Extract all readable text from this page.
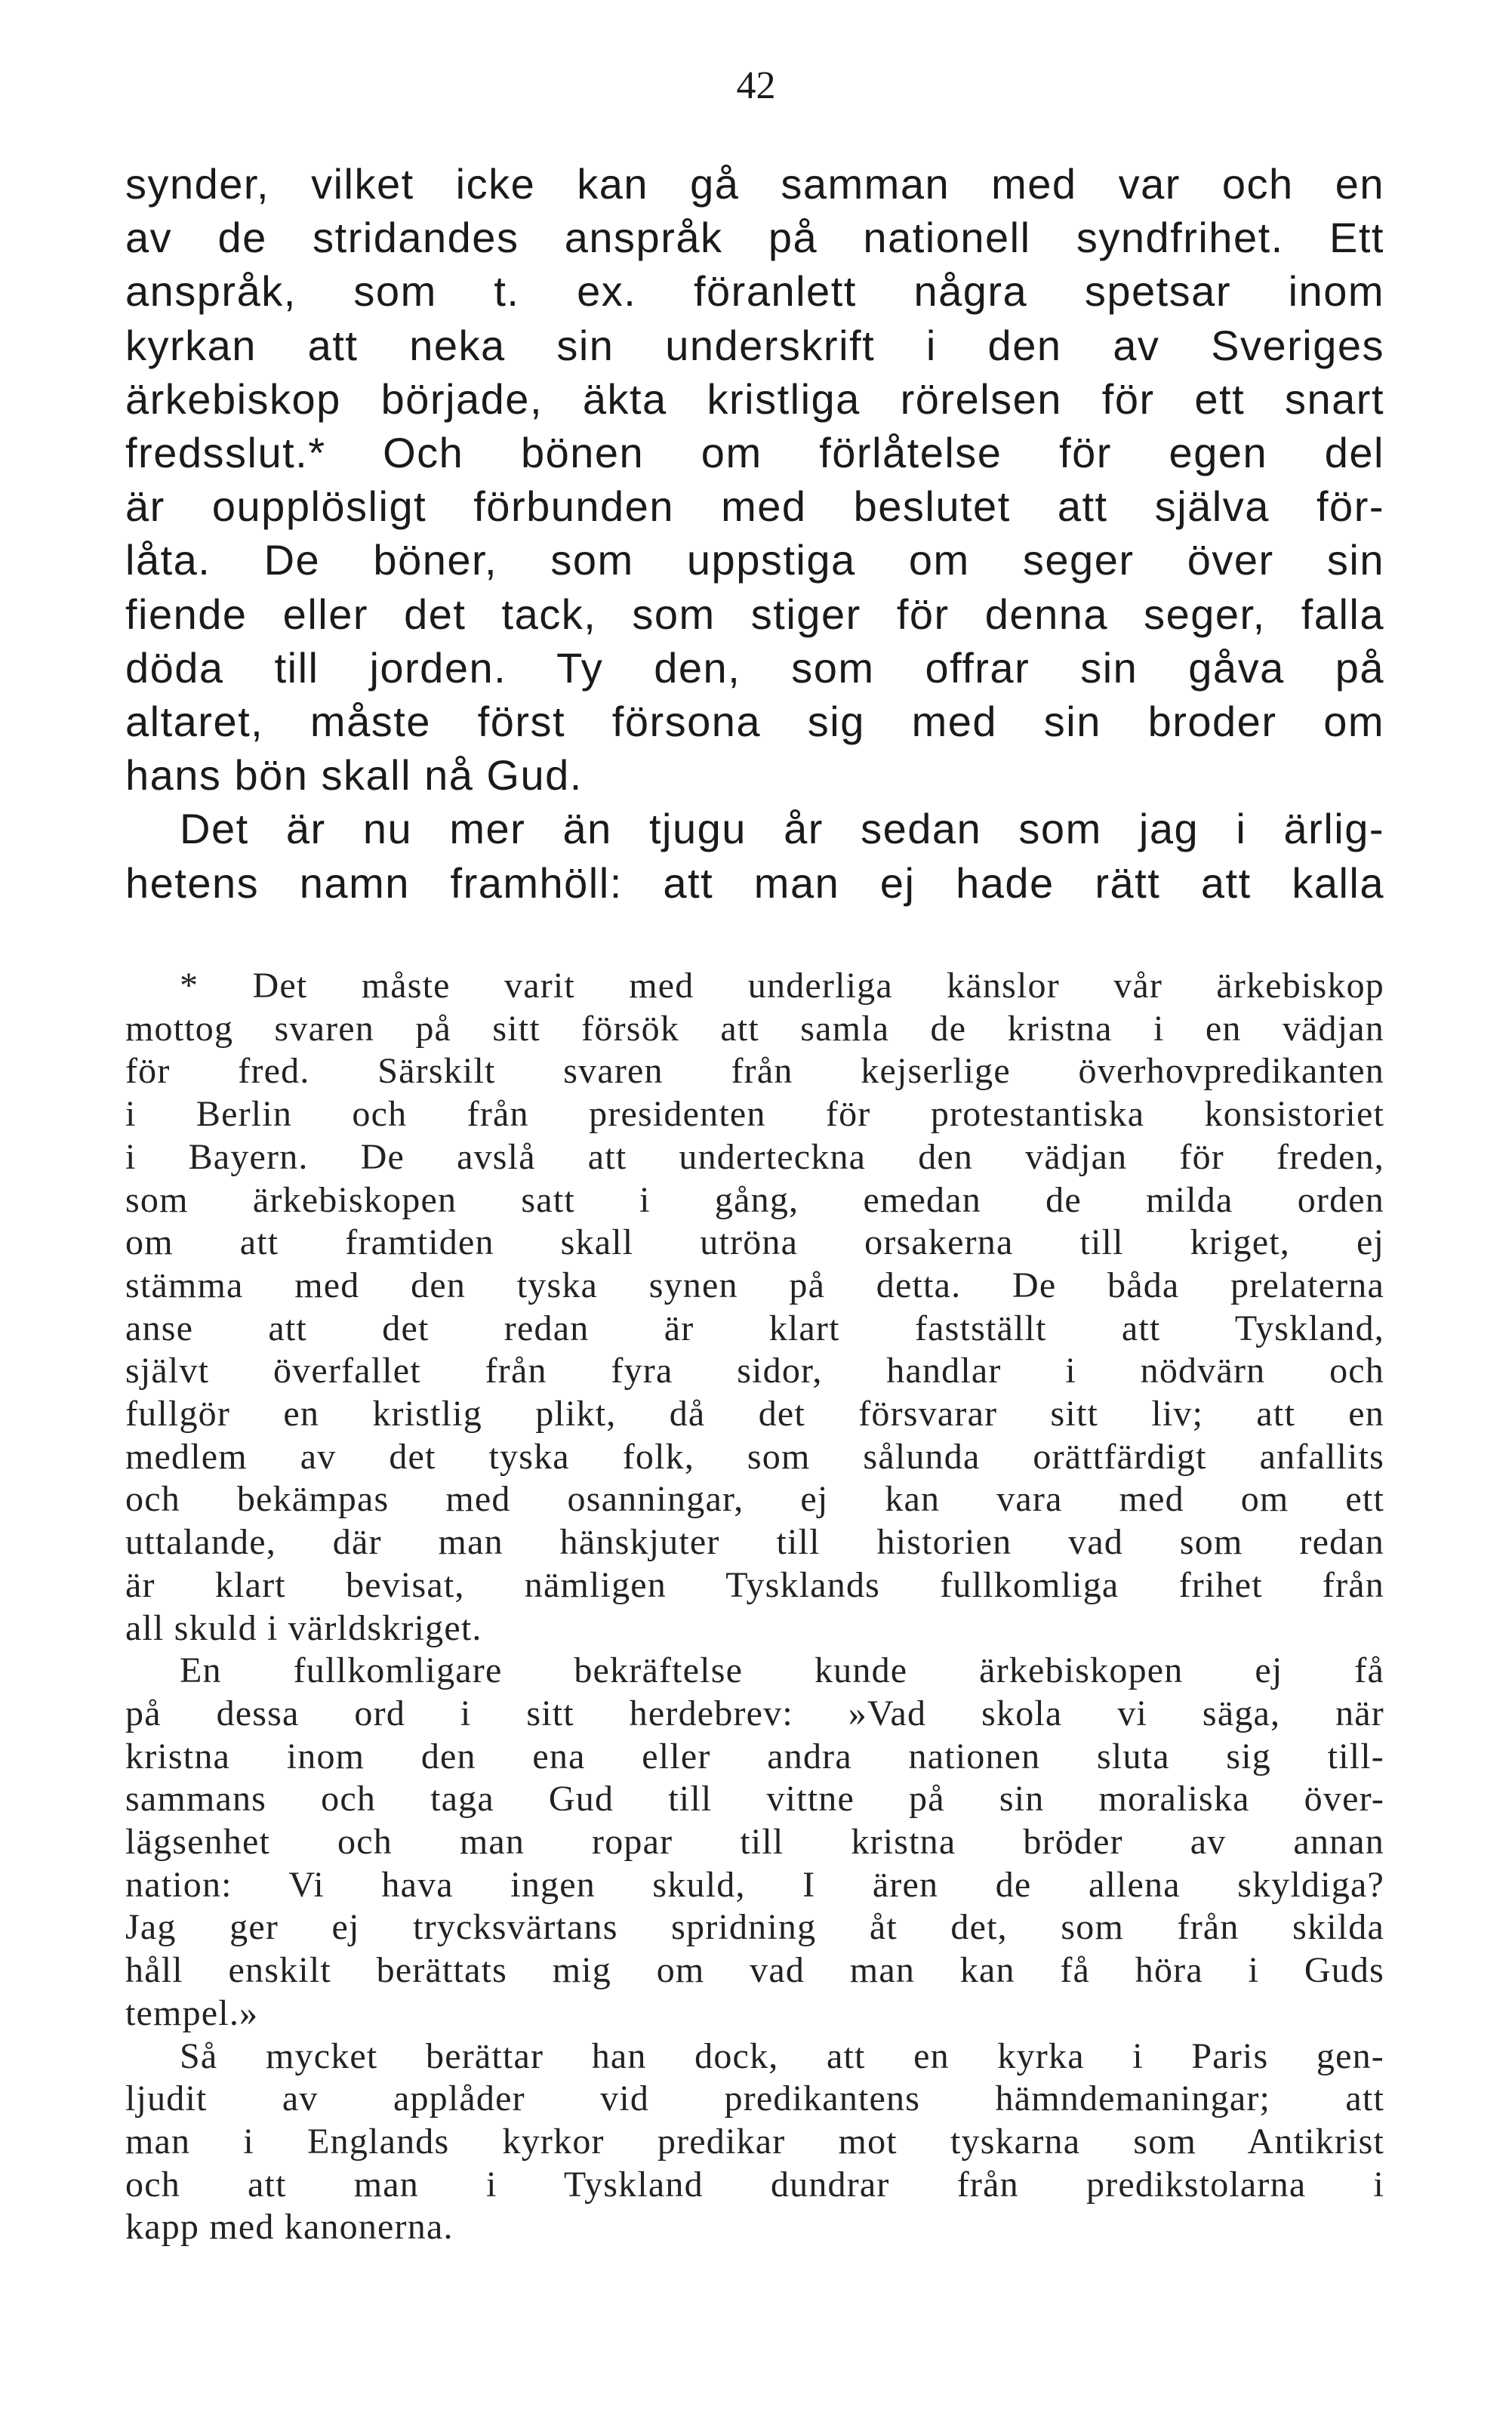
42
synder, vilket icke kan gå samman med var och en
av de stridandes anspråk på nationell syndfrihet. Ett
anspråk, som t. ex. föranlett några spetsar inom
kyrkan att neka sin underskrift i den av Sveriges
ärkebiskop började, äkta kristliga rörelsen för ett snart
fredsslut.* Och bönen om förlåtelse för egen del
är oupplösligt förbunden med beslutet att själva för-
låta. De böner, som uppstiga om seger över sin
fiende eller det tack, som stiger för denna seger, falla
döda till jorden. Ty den, som offrar sin gåva på
altaret, måste först försona sig med sin broder om
hans bön skall nå Gud.
Det är nu mer än tjugu år sedan som jag i ärlig-
hetens namn framhöll: att man ej hade rätt att kalla
* Det måste varit med underliga känslor vår ärkebiskop
mottog svaren på sitt försök att samla de kristna i en vädjan
för fred. Särskilt svaren från kejserlige överhovpredikanten
i Berlin och från presidenten för protestantiska konsistoriet
i Bayern. De avslå att underteckna den vädjan för freden,
som ärkebiskopen satt i gång, emedan de milda orden
om att framtiden skall utröna orsakerna till kriget, ej
stämma med den tyska synen på detta. De båda prelaterna
anse att det redan är klart fastställt att Tyskland,
självt överfallet från fyra sidor, handlar i nödvärn och
fullgör en kristlig plikt, då det försvarar sitt liv; att en
medlem av det tyska folk, som sålunda orättfärdigt anfallits
och bekämpas med osanningar, ej kan vara med om ett
uttalande, där man hänskjuter till historien vad som redan
är klart bevisat, nämligen Tysklands fullkomliga frihet från
all skuld i världskriget.
En fullkomligare bekräftelse kunde ärkebiskopen ej få
på dessa ord i sitt herdebrev: »Vad skola vi säga, när
kristna inom den ena eller andra nationen sluta sig till-
sammans och taga Gud till vittne på sin moraliska över-
lägsenhet och man ropar till kristna bröder av annan
nation: Vi hava ingen skuld, I ären de allena skyldiga?
Jag ger ej trycksvärtans spridning åt det, som från skilda
håll enskilt berättats mig om vad man kan få höra i Guds
tempel.»
Så mycket berättar han dock, att en kyrka i Paris gen-
ljudit av applåder vid predikantens hämndemaningar; att
man i Englands kyrkor predikar mot tyskarna som Antikrist
och att man i Tyskland dundrar från predikstolarna i
kapp med kanonerna.
